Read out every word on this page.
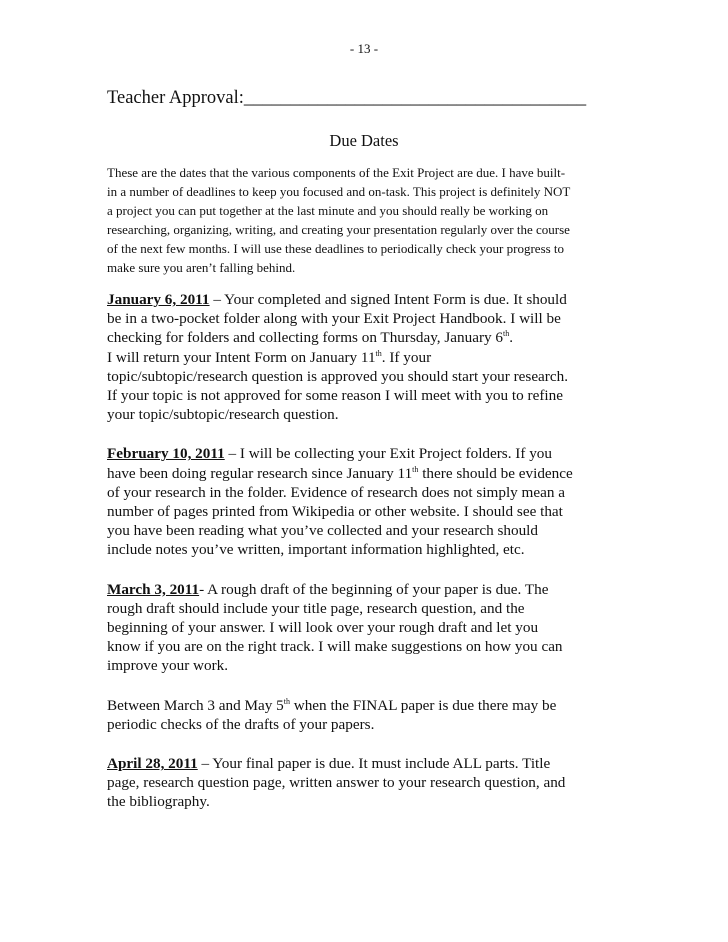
- 13 -
Teacher Approval:_____________________________________
Due Dates

These are the dates that the various components of the Exit Project are due. I have built-
in a number of deadlines to keep you focused and on-task. This project is definitely NOT
a project you can put together at the last minute and you should really be working on
researching, organizing, writing, and creating your presentation regularly over the course
of the next few months. I will use these deadlines to periodically check your progress to
make sure you aren’t falling behind.

January 6, 2011 – Your completed and signed Intent Form is due. It should
be in a two-pocket folder along with your Exit Project Handbook. I will be
checking for folders and collecting forms on Thursday, January 6th.
I will return your Intent Form on January 11th. If your
topic/subtopic/research question is approved you should start your research.
If your topic is not approved for some reason I will meet with you to refine
your topic/subtopic/research question.

February 10, 2011 – I will be collecting your Exit Project folders. If you
have been doing regular research since January 11th there should be evidence
of your research in the folder. Evidence of research does not simply mean a
number of pages printed from Wikipedia or other website. I should see that
you have been reading what you’ve collected and your research should
include notes you’ve written, important information highlighted, etc.

March 3, 2011- A rough draft of the beginning of your paper is due. The
rough draft should include your title page, research question, and the
beginning of your answer. I will look over your rough draft and let you
know if you are on the right track. I will make suggestions on how you can
improve your work.

Between March 3 and May 5th when the FINAL paper is due there may be
periodic checks of the drafts of your papers.

April 28, 2011 – Your final paper is due. It must include ALL parts. Title
page, research question page, written answer to your research question, and
the bibliography.
